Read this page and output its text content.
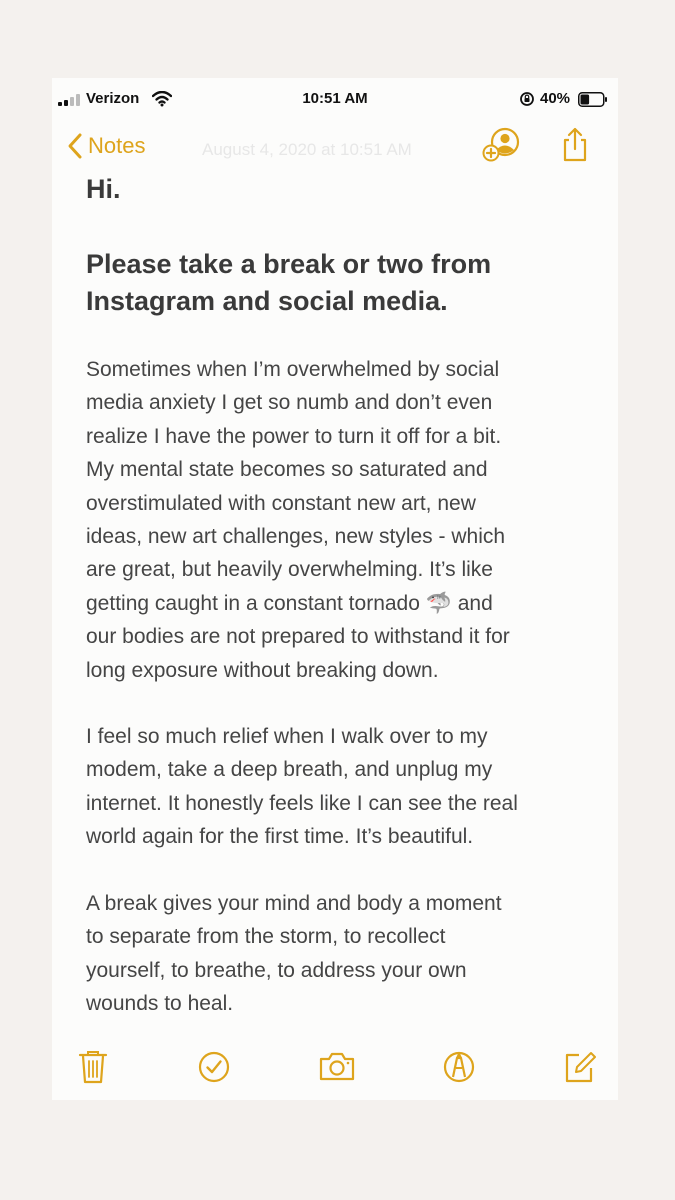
Verizon	10:51 AM	40%
Notes	August 4, 2020 at 10:51 AM
Hi.
Please take a break or two from Instagram and social media.

Sometimes when I’m overwhelmed by social
media anxiety I get so numb and don’t even
realize I have the power to turn it off for a bit.
My mental state becomes so saturated and
overstimulated with constant new art, new
ideas, new art challenges, new styles - which
are great, but heavily overwhelming. It’s like
getting caught in a constant tornado 🦈 and
our bodies are not prepared to withstand it for
long exposure without breaking down.

I feel so much relief when I walk over to my
modem, take a deep breath, and unplug my
internet. It honestly feels like I can see the real
world again for the first time. It’s beautiful.

A break gives your mind and body a moment
to separate from the storm, to recollect
yourself, to breathe, to address your own
wounds to heal.
